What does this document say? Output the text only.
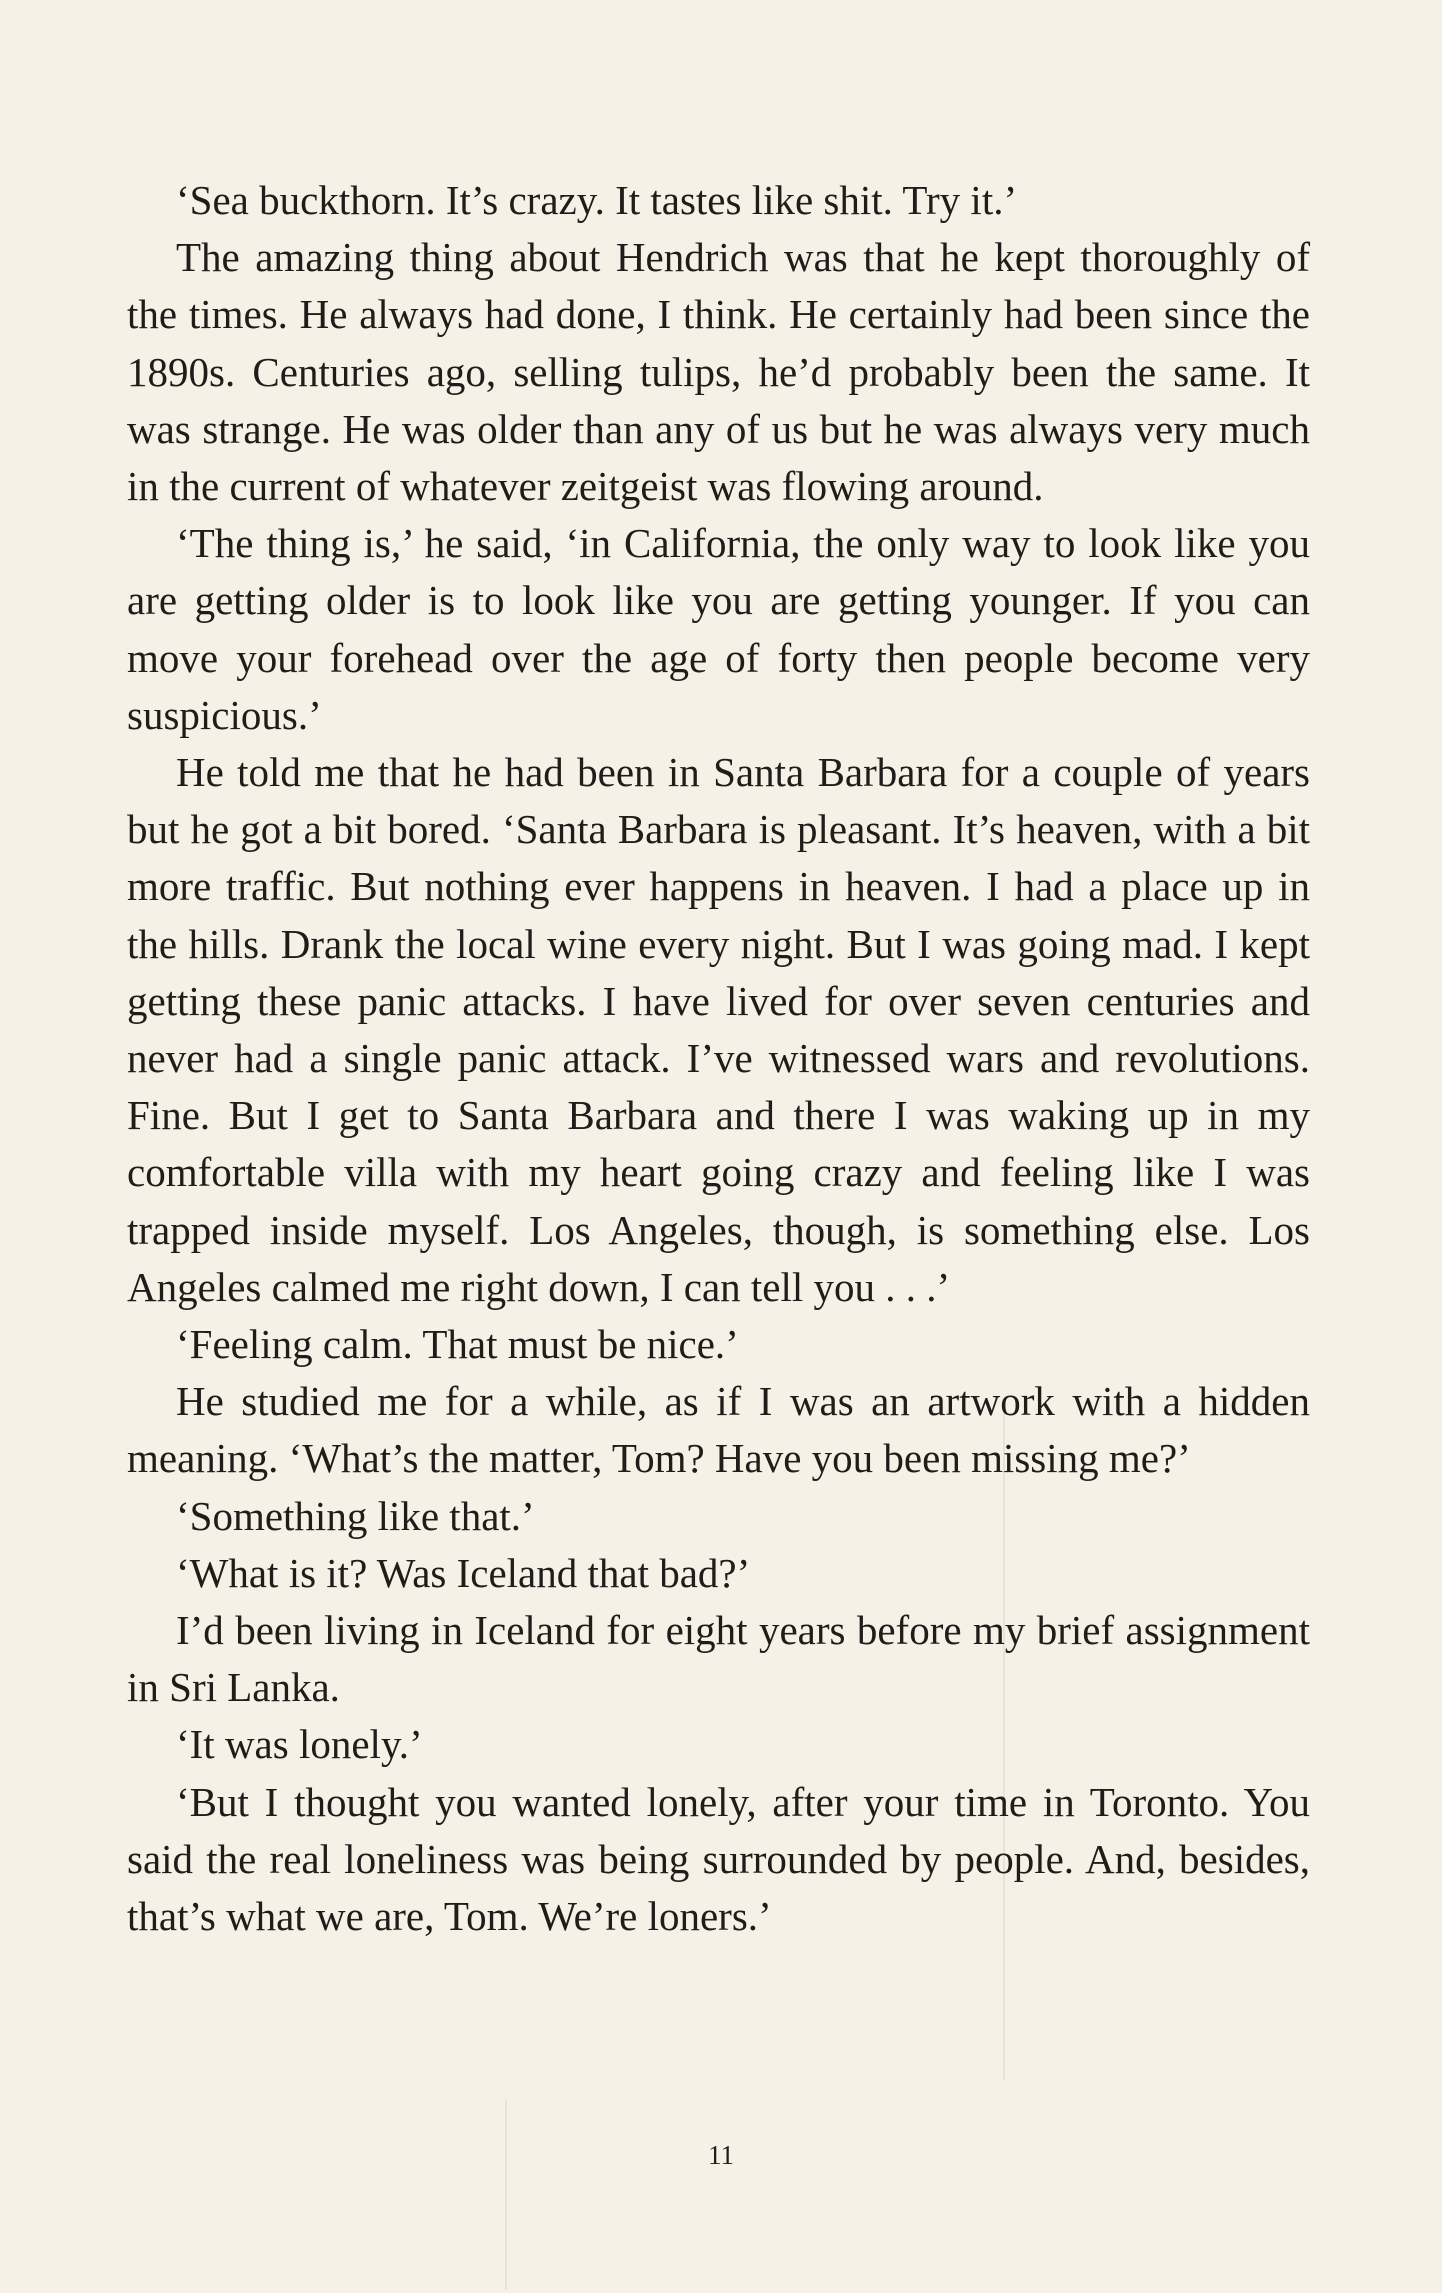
‘Sea buckthorn. It’s crazy. It tastes like shit. Try it.’

The amazing thing about Hendrich was that he kept thoroughly of the times. He always had done, I think. He certainly had been since the 1890s. Centuries ago, selling tulips, he’d probably been the same. It was strange. He was older than any of us but he was always very much in the current of whatever zeitgeist was flowing around.

‘The thing is,’ he said, ‘in California, the only way to look like you are getting older is to look like you are getting younger. If you can move your forehead over the age of forty then people become very suspicious.’

He told me that he had been in Santa Barbara for a couple of years but he got a bit bored. ‘Santa Barbara is pleasant. It’s heaven, with a bit more traffic. But nothing ever happens in heaven. I had a place up in the hills. Drank the local wine every night. But I was going mad. I kept getting these panic attacks. I have lived for over seven centuries and never had a single panic attack. I’ve witnessed wars and revolutions. Fine. But I get to Santa Barbara and there I was waking up in my comfortable villa with my heart going crazy and feeling like I was trapped inside myself. Los Angeles, though, is something else. Los Angeles calmed me right down, I can tell you . . .’

‘Feeling calm. That must be nice.’

He studied me for a while, as if I was an artwork with a hidden meaning. ‘What’s the matter, Tom? Have you been missing me?’

‘Something like that.’

‘What is it? Was Iceland that bad?’

I’d been living in Iceland for eight years before my brief assignment in Sri Lanka.

‘It was lonely.’

‘But I thought you wanted lonely, after your time in Toronto. You said the real loneliness was being surrounded by people. And, besides, that’s what we are, Tom. We’re loners.’

11
